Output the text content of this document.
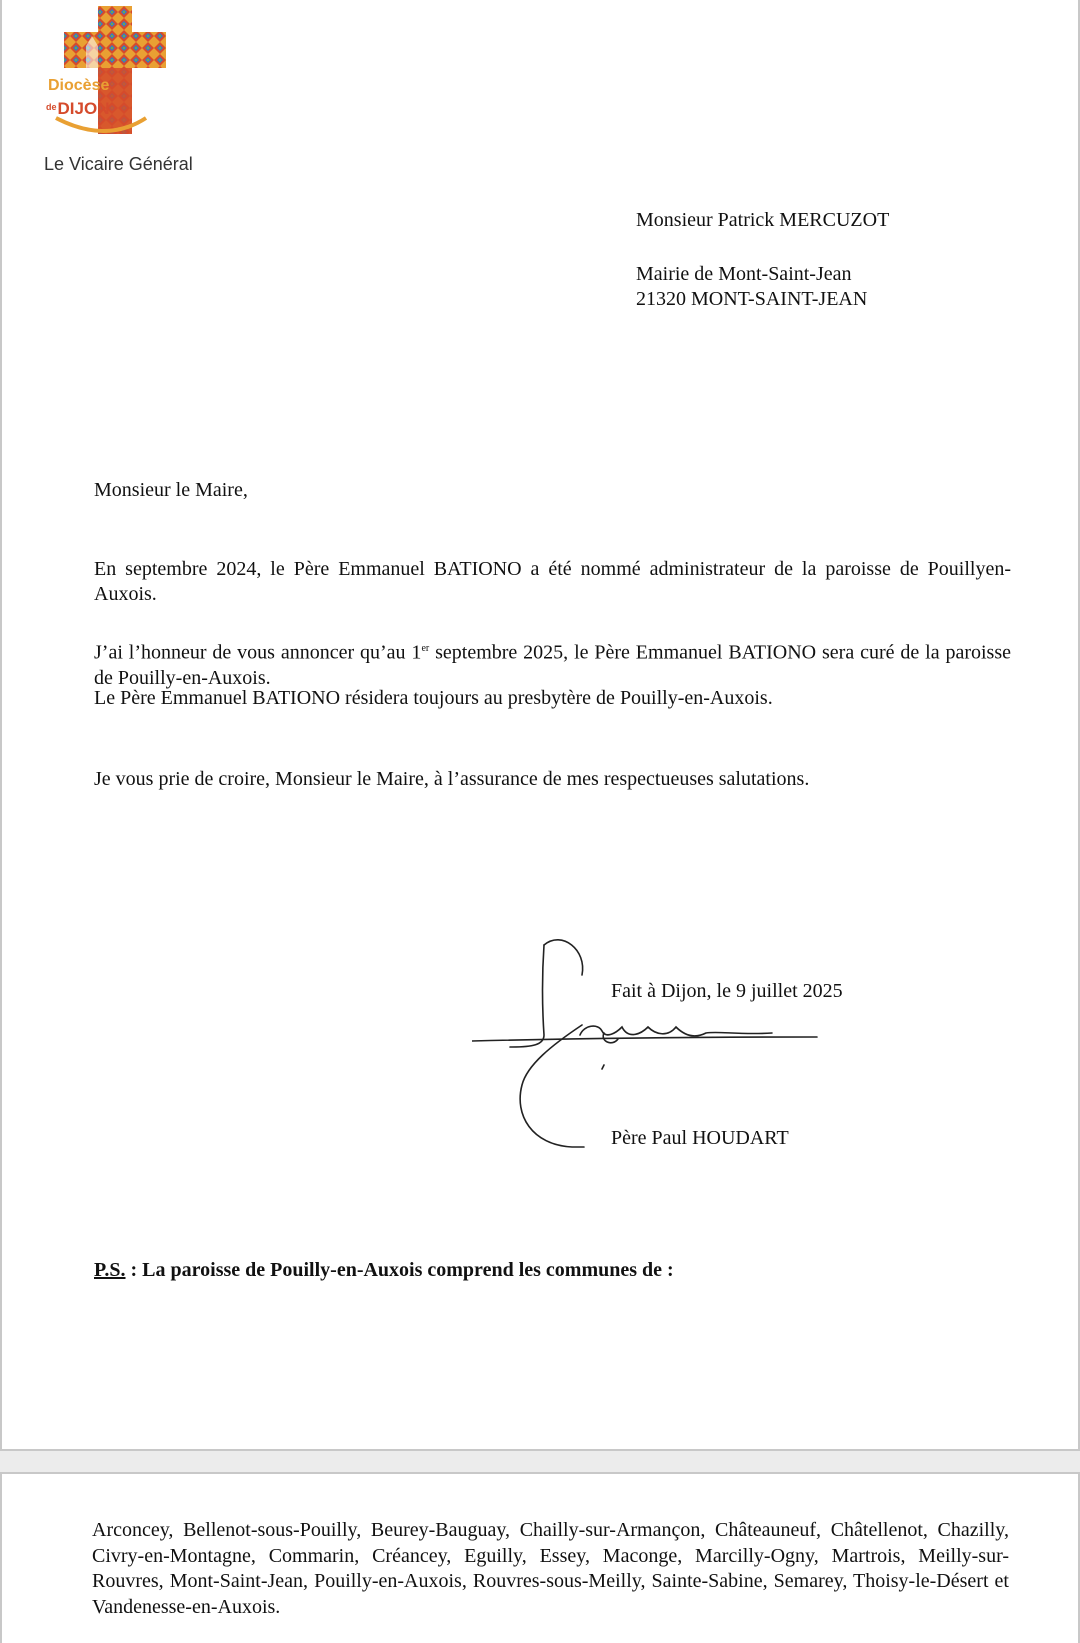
Diocèse
$^{de}$DIJON
Le Vicaire Général
Monsieur Patrick MERCUZOT
Mairie de Mont-Saint-Jean
21320 MONT-SAINT-JEAN
Monsieur le Maire,
En septembre 2024, le Père Emmanuel BATIONO a été nommé administrateur de la paroisse de Pouillyen-Auxois.
J’ai l’honneur de vous annoncer qu’au 1er septembre 2025, le Père Emmanuel BATIONO sera curé de la paroisse de Pouilly-en-Auxois.
Le Père Emmanuel BATIONO résidera toujours au presbytère de Pouilly-en-Auxois.
Je vous prie de croire, Monsieur le Maire, à l’assurance de mes respectueuses salutations.
Fait à Dijon, le 9 juillet 2025
Père Paul HOUDART
P.S. : La paroisse de Pouilly-en-Auxois comprend les communes de :
Arconcey, Bellenot-sous-Pouilly, Beurey-Bauguay, Chailly-sur-Armançon, Châteauneuf, Châtellenot, Chazilly, Civry-en-Montagne, Commarin, Créancey, Eguilly, Essey, Maconge, Marcilly-Ogny, Martrois, Meilly-sur-Rouvres, Mont-Saint-Jean, Pouilly-en-Auxois, Rouvres-sous-Meilly, Sainte-Sabine, Semarey, Thoisy-le-Désert et Vandenesse-en-Auxois.
